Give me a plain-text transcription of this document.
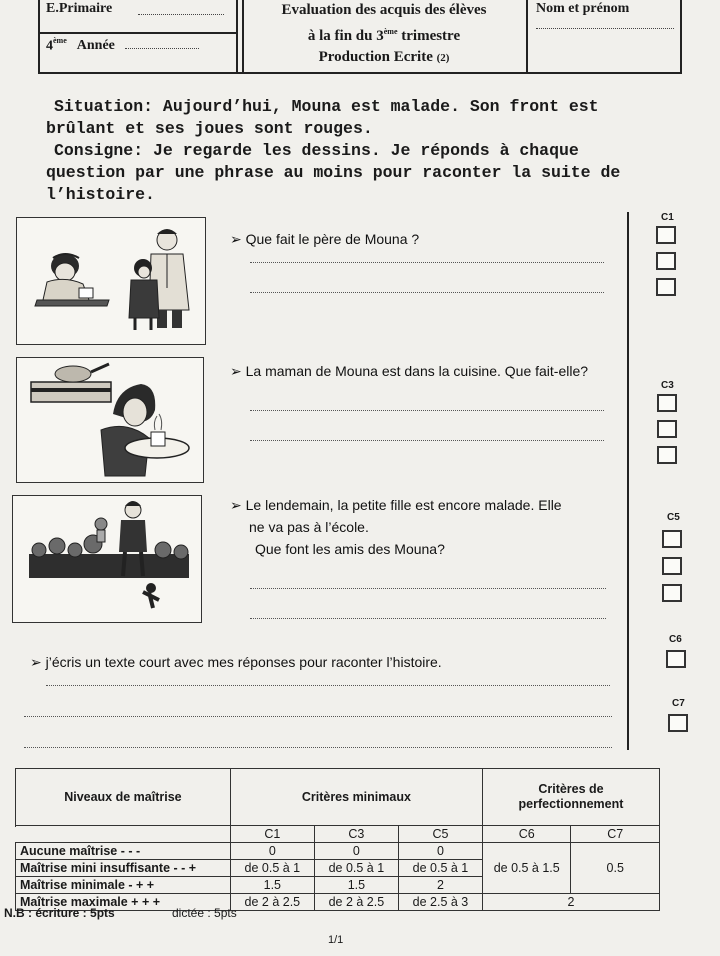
E.Primaire
4ème Année
Evaluation des acquis des élèves
à la fin du 3ème trimestre
Production Ecrite (2)
Nom et prénom

Situation: Aujourd’hui, Mouna est malade. Son front est brûlant et ses joues sont rouges.

Consigne: Je regarde les dessins. Je réponds à chaque question par une phrase au moins pour raconter la suite de l’histoire.

➢ Que fait le père de Mouna ?
➢ La maman de Mouna est dans la cuisine. Que fait-elle?
➢ Le lendemain, la petite fille est encore malade. Elle
ne va pas à l’école.
Que font les amis des Mouna?
➢ j’écris un texte court avec mes réponses pour raconter l’histoire.
C1
C3
C5
C6
C7
Niveaux de maîtrise	Critères minimaux			Critères de
perfectionnement	

	C1	C3	C5	C6	C7
Aucune maîtrise - - -	0	0	0	de 0.5 à 1.5	0.5
Maîtrise mini insuffisante - - +	de 0.5 à 1	de 0.5 à 1	de 0.5 à 1		
Maîtrise minimale - + +	1.5	1.5	2		
Maîtrise maximale + + +	de 2 à 2.5	de 2 à 2.5	de 2.5 à 3	2	
N.B : écriture : 5pts	dictée : 5pts
1/1
